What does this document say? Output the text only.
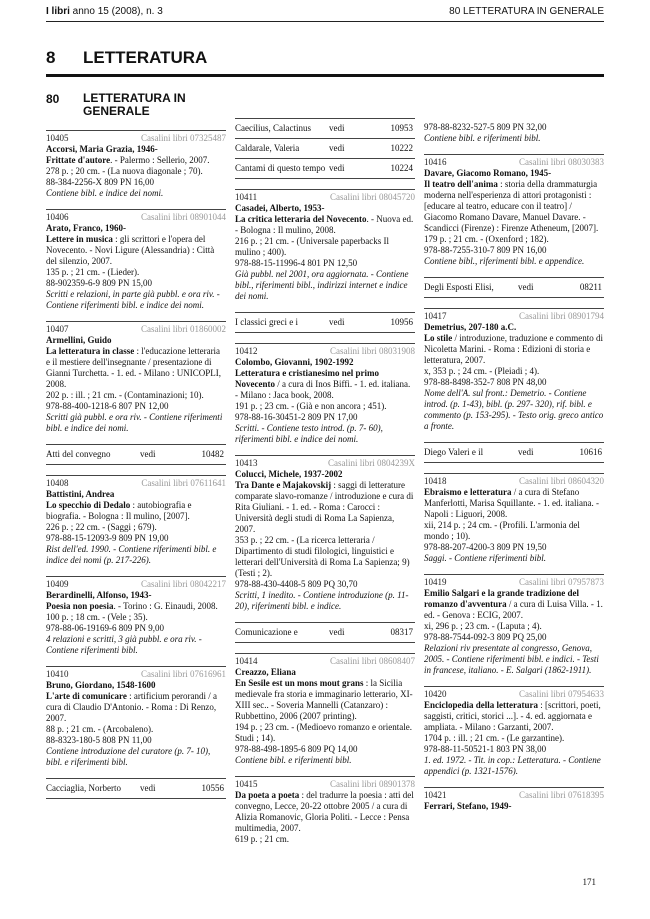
I libri anno 15 (2008), n. 3	80 LETTERATURA IN GENERALE
8 LETTERATURA
80 LETTERATURA IN GENERALE
10405	Casalini libri 07325487
Accorsi, Maria Grazia, 1946-
Frittate d'autore. - Palermo : Sellerio, 2007.
278 p. ; 20 cm. - (La nuova diagonale ; 70).
88-384-2256-X 809 PN 16,00
Contiene bibl. e indice dei nomi.
10406	Casalini libri 08901044
Arato, Franco, 1960-
Lettere in musica : gli scrittori e l'opera del Novecento. - Novi Ligure (Alessandria) : Città del silenzio, 2007.
135 p. ; 21 cm. - (Lieder).
88-902359-6-9 809 PN 15,00
Scritti e relazioni, in parte già pubbl. e ora riv. - Contiene riferimenti bibl. e indice dei nomi.
10407	Casalini libri 01860002
Armellini, Guido
La letteratura in classe : l'educazione letteraria e il mestiere dell'insegnante / presentazione di Gianni Turchetta. - 1. ed. - Milano : UNICOPLI, 2008.
202 p. : ill. ; 21 cm. - (Contaminazioni; 10).
978-88-400-1218-6 807 PN 12,00
Scritti già pubbl. e ora riv. - Contiene riferimenti bibl. e indice dei nomi.
Atti del convegno	vedi	10482
10408	Casalini libri 07611641
Battistini, Andrea
Lo specchio di Dedalo : autobiografia e biografia. - Bologna : Il mulino, [2007].
226 p. ; 22 cm. - (Saggi ; 679).
978-88-15-12093-9 809 PN 19,00
Rist dell'ed. 1990. - Contiene riferimenti bibl. e indice dei nomi (p. 217-226).
10409	Casalini libri 08042217
Berardinelli, Alfonso, 1943-
Poesia non poesia. - Torino : G. Einaudi, 2008.
100 p. ; 18 cm. - (Vele ; 35).
978-88-06-19169-6 809 PN 9,00
4 relazioni e scritti, 3 già pubbl. e ora riv. - Contiene riferimenti bibl.
10410	Casalini libri 07616961
Bruno, Giordano, 1548-1600
L'arte di comunicare : artificium perorandi / a cura di Claudio D'Antonio. - Roma : Di Renzo, 2007.
88 p. ; 21 cm. - (Arcobaleno).
88-8323-180-5 808 PN 11,00
Contiene introduzione del curatore (p. 7- 10), bibl. e riferimenti bibl.
Cacciaglia, Norberto	vedi	10556
Caecilius, Calactinus	vedi	10953
Caldarale, Valeria	vedi	10222
Cantami di questo tempo vedi	10224
10411	Casalini libri 08045720
Casadei, Alberto, 1953-
La critica letteraria del Novecento. - Nuova ed. - Bologna : Il mulino, 2008.
216 p. ; 21 cm. - (Universale paperbacks Il mulino ; 400).
978-88-15-11996-4 801 PN 12,50
Già pubbl. nel 2001, ora aggiornata. - Contiene bibl., riferimenti bibl., indirizzi internet e indice dei nomi.
I classici greci e i	vedi	10956
10412	Casalini libri 08031908
Colombo, Giovanni, 1902-1992
Letteratura e cristianesimo nel primo Novecento / a cura di Inos Biffi. - 1. ed. italiana. - Milano : Jaca book, 2008.
191 p. ; 23 cm. - (Già e non ancora ; 451).
978-88-16-30451-2 809 PN 17,00
Scritti. - Contiene testo introd. (p. 7- 60), riferimenti bibl. e indice dei nomi.
10413	Casalini libri 0804239X
Colucci, Michele, 1937-2002
Tra Dante e Majakovskij : saggi di letterature comparate slavo-romanze / introduzione e cura di Rita Giuliani. - 1. ed. - Roma : Carocci : Università degli studi di Roma La Sapienza, 2007.
353 p. ; 22 cm. - (La ricerca letteraria / Dipartimento di studi filologici, linguistici e letterari dell'Università di Roma La Sapienza; 9) (Testi ; 2).
978-88-430-4408-5 809 PQ 30,70
Scritti, 1 inedito. - Contiene introduzione (p. 11-20), riferimenti bibl. e indice.
Comunicazione e	vedi	08317
10414	Casalini libri 08608407
Creazzo, Eliana
En Sesile est un mons mout grans : la Sicilia medievale fra storia e immaginario letterario, XI-XIII sec.. - Soveria Mannelli (Catanzaro) : Rubbettino, 2006 (2007 printing).
194 p. ; 23 cm. - (Medioevo romanzo e orientale. Studi ; 14).
978-88-498-1895-6 809 PQ 14,00
Contiene bibl. e riferimenti bibl.
10415	Casalini libri 08901378
Da poeta a poeta : del tradurre la poesia : atti del convegno, Lecce, 20-22 ottobre 2005 / a cura di Alizia Romanovic, Gloria Politi. - Lecce : Pensa multimedia, 2007.
619 p. ; 21 cm.
978-88-8232-527-5 809 PN 32,00
Contiene bibl. e riferimenti bibl.
10416	Casalini libri 08030383
Davare, Giacomo Romano, 1945-
Il teatro dell'anima : storia della drammaturgia moderna nell'esperienza di attori protagonisti : [educare al teatro, educare con il teatro] / Giacomo Romano Davare, Manuel Davare. - Scandicci (Firenze) : Firenze Atheneum, [2007].
179 p. ; 21 cm. - (Oxenford ; 182).
978-88-7255-310-7 809 PN 16,00
Contiene bibl., riferimenti bibl. e appendice.
Degli Esposti Elisi,	vedi	08211
10417	Casalini libri 08901794
Demetrius, 207-180 a.C.
Lo stile / introduzione, traduzione e commento di Nicoletta Marini. - Roma : Edizioni di storia e letteratura, 2007.
x, 353 p. ; 24 cm. - (Pleiadi ; 4).
978-88-8498-352-7 808 PN 48,00
Nome dell'A. sul front.: Demetrio. - Contiene introd. (p. 1-43), bibl. (p. 297- 320), rif. bibl. e commento (p. 153-295). - Testo orig. greco antico a fronte.
Diego Valeri e il	vedi	10616
10418	Casalini libri 08604320
Ebraismo e letteratura / a cura di Stefano Manferlotti, Marisa Squillante. - 1. ed. italiana. - Napoli : Liguori, 2008.
xii, 214 p. ; 24 cm. - (Profili. L'armonia del mondo ; 10).
978-88-207-4200-3 809 PN 19,50
Saggi. - Contiene riferimenti bibl.
10419	Casalini libri 07957873
Emilio Salgari e la grande tradizione del romanzo d'avventura / a cura di Luisa Villa. - 1. ed. - Genova : ECIG, 2007.
xi, 296 p. ; 23 cm. - (Laputa ; 4).
978-88-7544-092-3 809 PQ 25,00
Relazioni riv presentate al congresso, Genova, 2005. - Contiene riferimenti bibl. e indici. - Testi in francese, italiano. - E. Salgari (1862-1911).
10420	Casalini libri 07954633
Enciclopedia della letteratura : [scrittori, poeti, saggisti, critici, storici ...]. - 4. ed. aggiornata e ampliata. - Milano : Garzanti, 2007.
1704 p. : ill. ; 21 cm. - (Le garzantine).
978-88-11-50521-1 803 PN 38,00
1. ed. 1972. - Tit. in cop.: Letteratura. - Contiene appendici (p. 1321-1576).
10421	Casalini libri 07618395
Ferrari, Stefano, 1949-
171
